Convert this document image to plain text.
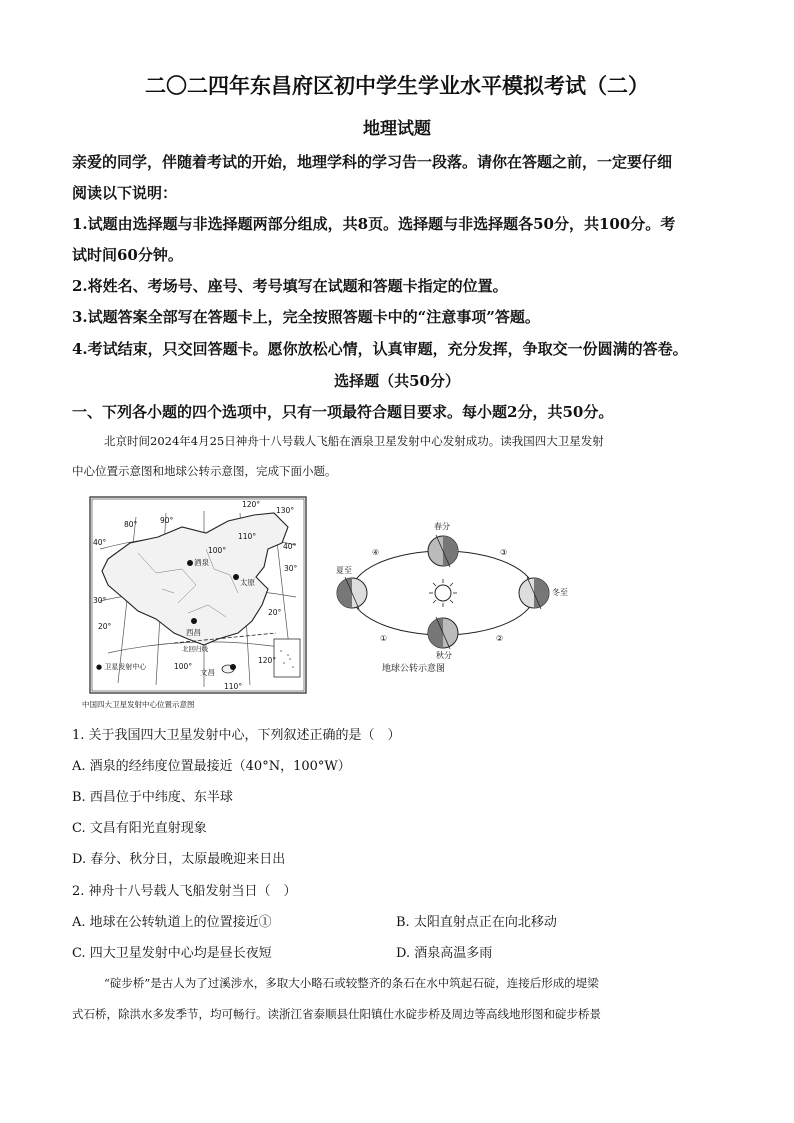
二〇二四年东昌府区初中学生学业水平模拟考试（二）
地理试题
亲爱的同学，伴随着考试的开始，地理学科的学习告一段落。请你在答题之前，一定要仔细
阅读以下说明：
1.试题由选择题与非选择题两部分组成，共8页。选择题与非选择题各50分，共100分。考
试时间60分钟。
2.将姓名、考场号、座号、考号填写在试题和答题卡指定的位置。
3.试题答案全部写在答题卡上，完全按照答题卡中的“注意事项”答题。
4.考试结束，只交回答题卡。愿你放松心情，认真审题，充分发挥，争取交一份圆满的答卷。
选择题（共50分）
一、下列各小题的四个选项中，只有一项最符合题目要求。每小题2分，共50分。
北京时间2024年4月25日神舟十八号载人飞船在酒泉卫星发射中心发射成功。读我国四大卫星发射
中心位置示意图和地球公转示意图，完成下面小题。
80°	90°
120°
130°
40°
30°
20°
100°
110°
40°
30°
20°
120°
100°
110°
酒泉
太原
西昌
文昌
北回归线
● 卫星发射中心
中国四大卫星发射中心位置示意图
春分
夏至
冬至
秋分
④	③
①	②
地球公转示意图
1. 关于我国四大卫星发射中心，下列叙述正确的是（　）
A. 酒泉的经纬度位置最接近（40°N，100°W）
B. 西昌位于中纬度、东半球
C. 文昌有阳光直射现象
D. 春分、秋分日，太原最晚迎来日出
2. 神舟十八号载人飞船发射当日（　）
A. 地球在公转轨道上的位置接近①	B. 太阳直射点正在向北移动
C. 四大卫星发射中心均是昼长夜短	D. 酒泉高温多雨
“碇步桥”是古人为了过溪涉水，多取大小略石或较整齐的条石在水中筑起石碇，连接后形成的堤梁
式石桥，除洪水多发季节，均可畅行。读浙江省泰顺县仕阳镇仕水碇步桥及周边等高线地形图和碇步桥景
